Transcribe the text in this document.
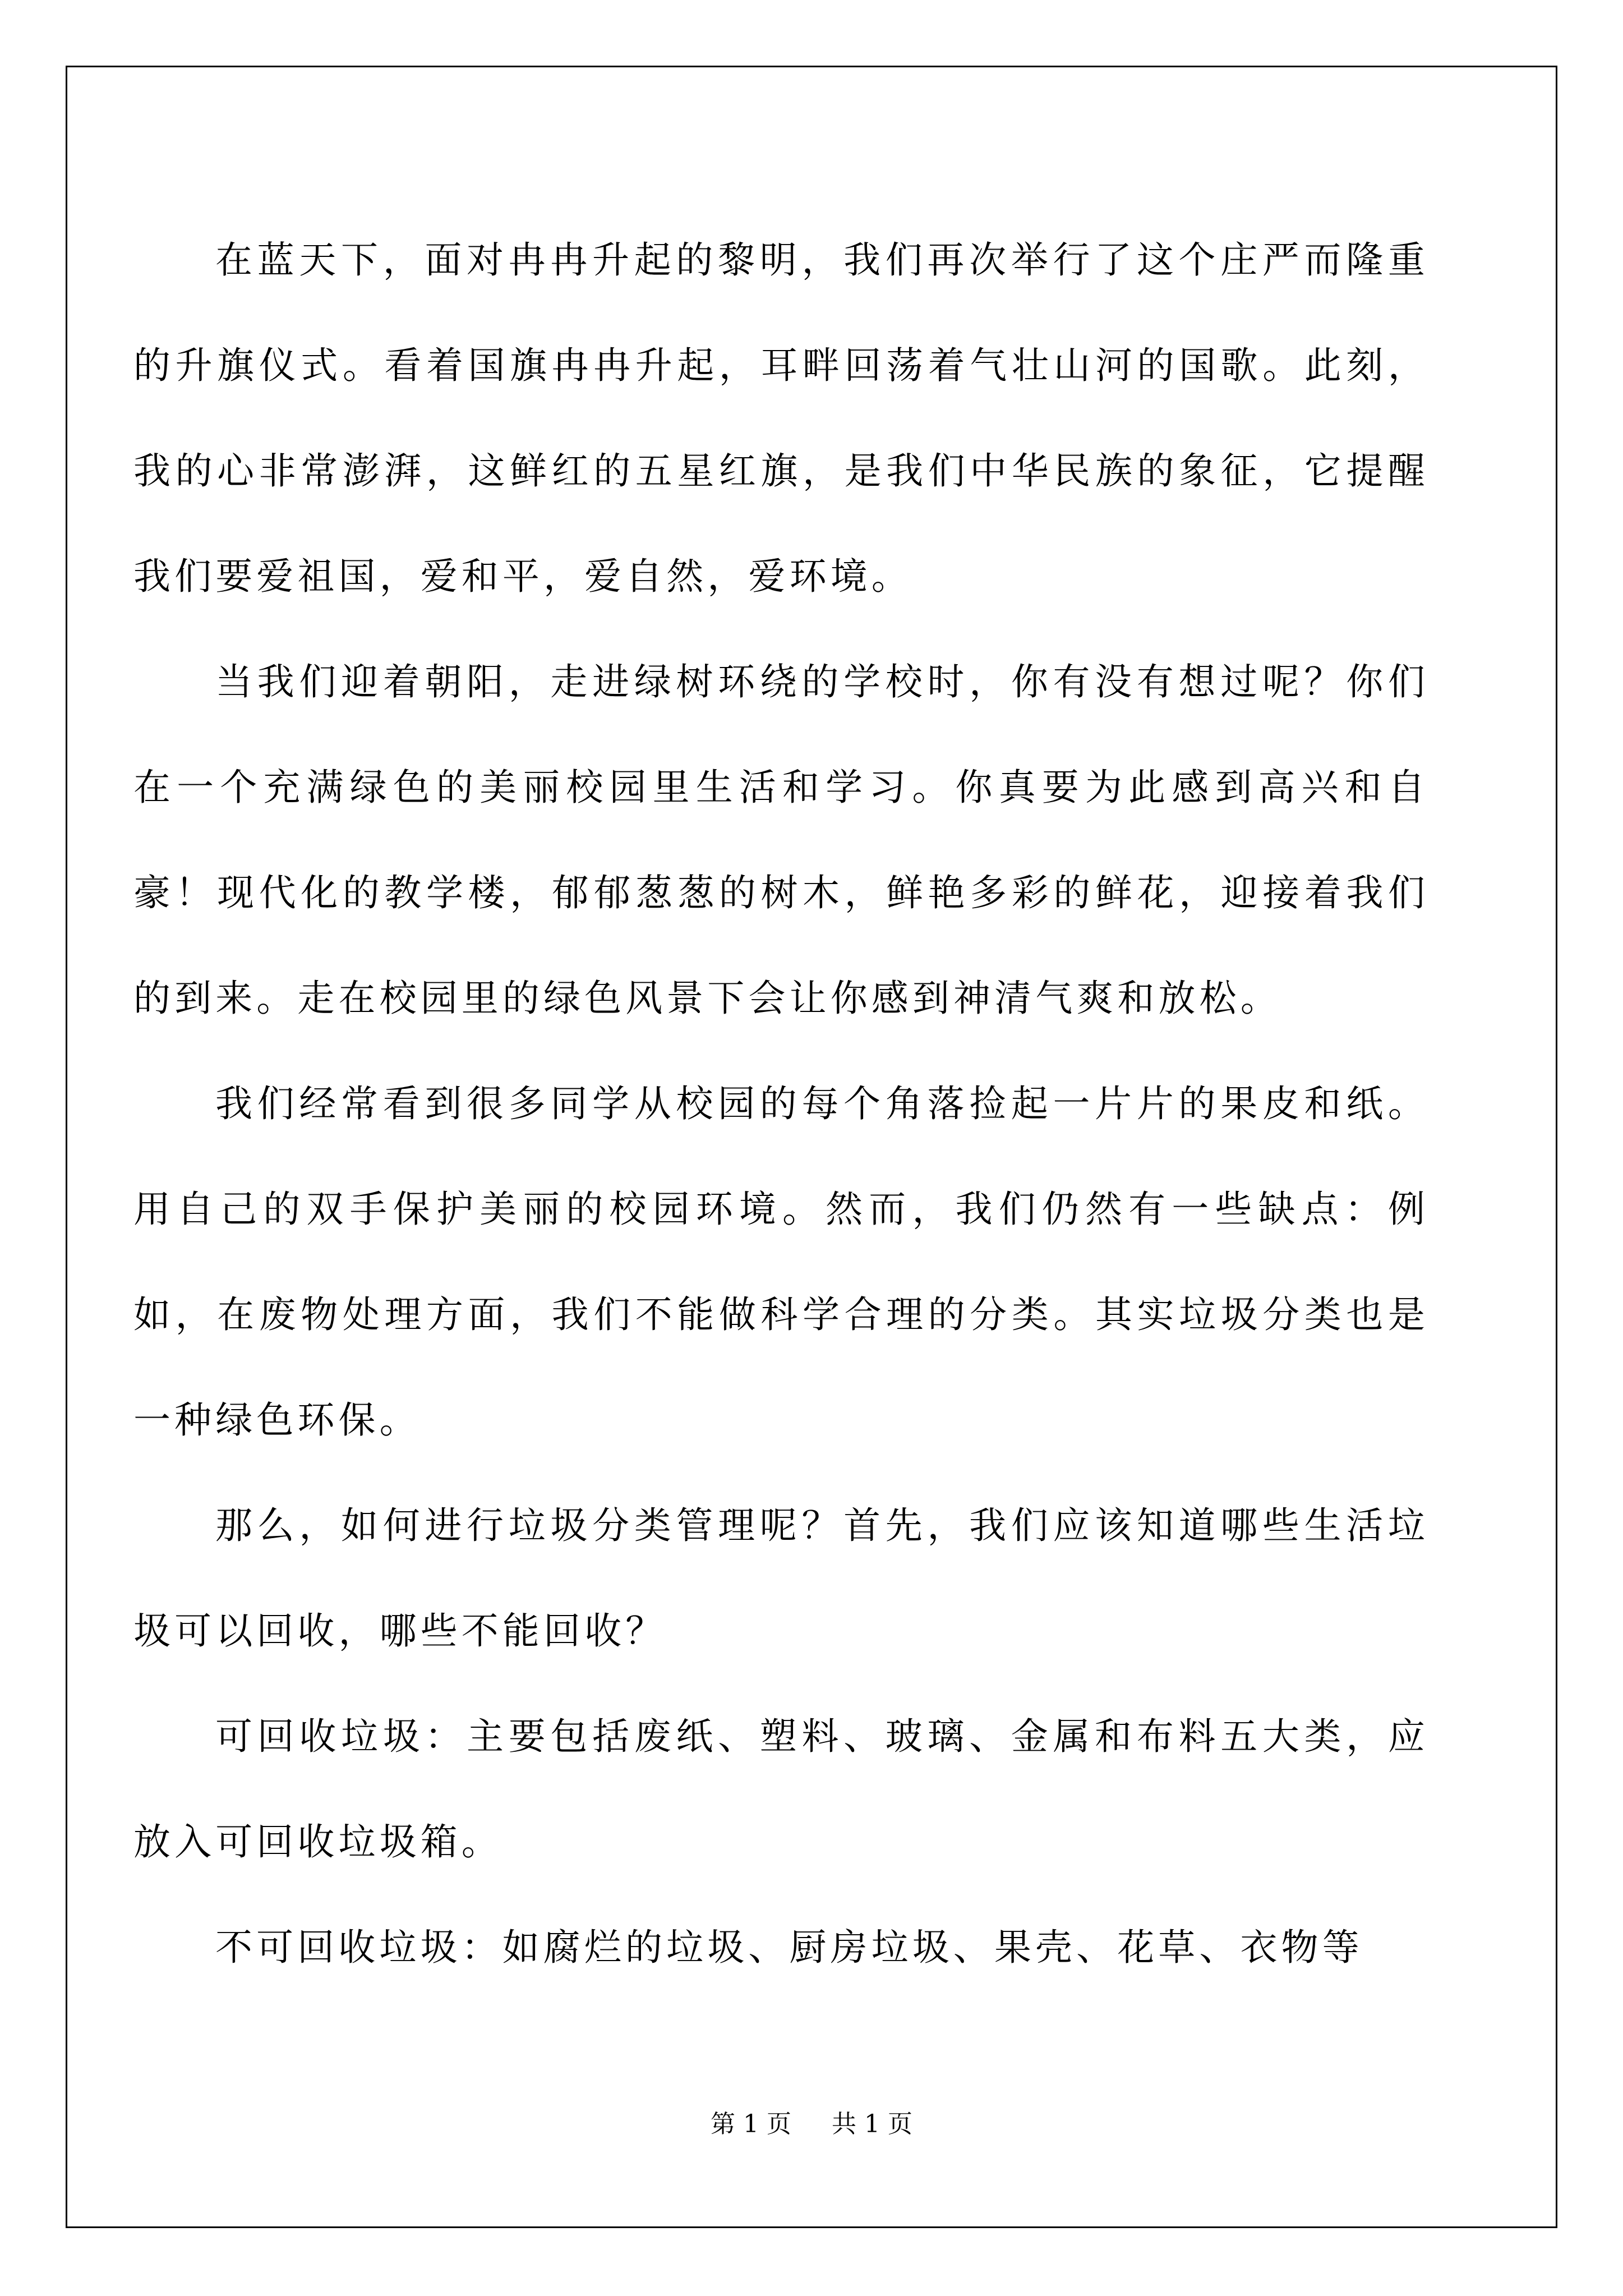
在蓝天下，面对冉冉升起的黎明，我们再次举行了这个庄严而隆重的升旗仪式。看着国旗冉冉升起，耳畔回荡着气壮山河的国歌。此刻，我的心非常澎湃，这鲜红的五星红旗，是我们中华民族的象征，它提醒我们要爱祖国，爱和平，爱自然，爱环境。

当我们迎着朝阳，走进绿树环绕的学校时，你有没有想过呢？你们在一个充满绿色的美丽校园里生活和学习。你真要为此感到高兴和自豪！现代化的教学楼，郁郁葱葱的树木，鲜艳多彩的鲜花，迎接着我们的到来。走在校园里的绿色风景下会让你感到神清气爽和放松。

我们经常看到很多同学从校园的每个角落捡起一片片的果皮和纸。用自己的双手保护美丽的校园环境。然而，我们仍然有一些缺点：例如，在废物处理方面，我们不能做科学合理的分类。其实垃圾分类也是一种绿色环保。

那么，如何进行垃圾分类管理呢？首先，我们应该知道哪些生活垃圾可以回收，哪些不能回收？

可回收垃圾：主要包括废纸、塑料、玻璃、金属和布料五大类，应放入可回收垃圾箱。

不可回收垃圾：如腐烂的垃圾、厨房垃圾、果壳、花草、衣物等

第 1 页 共 1 页
